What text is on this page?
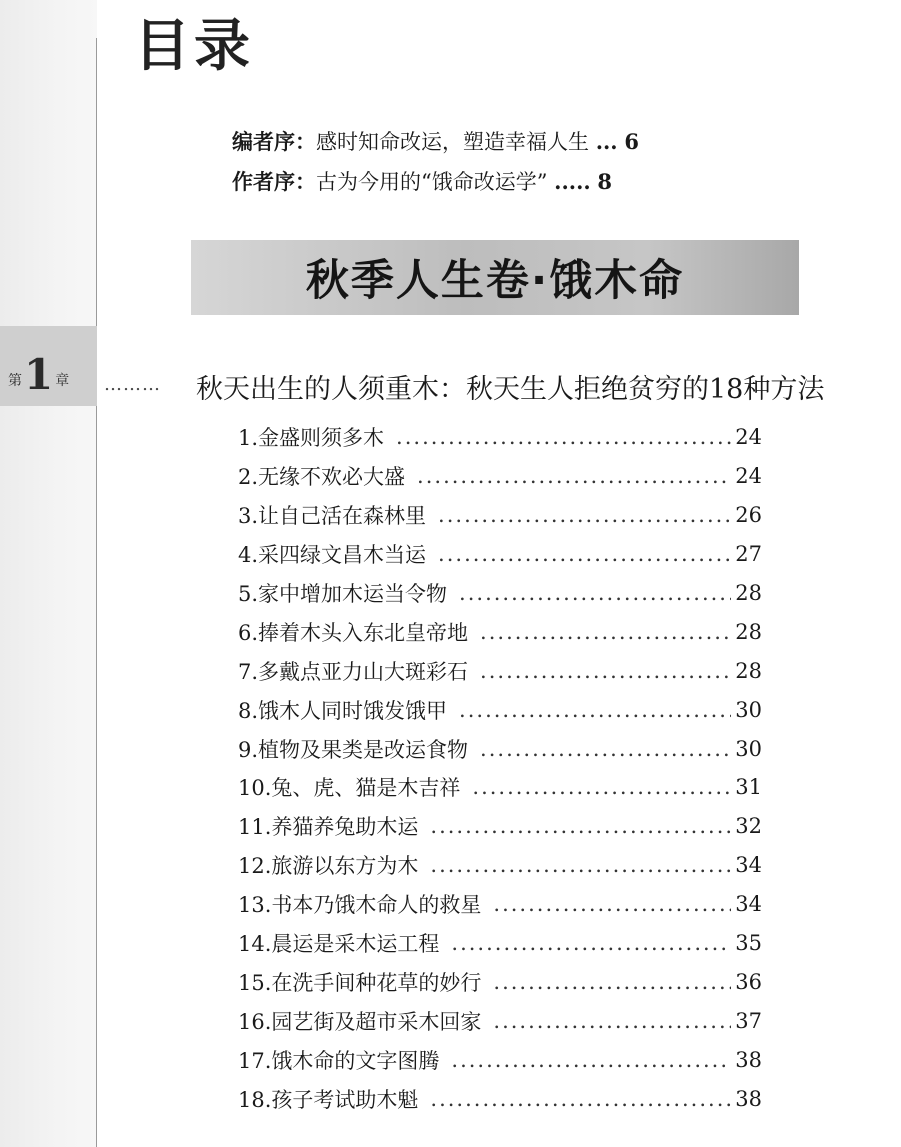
第 1 章 ………
目录
编者序：感时知命改运，塑造幸福人生 ... 6
作者序：古为今用的“饿命改运学” ..... 8
秋季人生卷·饿木命
秋天出生的人须重木：秋天生人拒绝贫穷的18种方法
1.金盛则须多木 .....	24
2.无缘不欢必大盛 .....	24
3.让自己活在森林里 .....	26
4.采四绿文昌木当运 .....	27
5.家中增加木运当令物 .....	28
6.捧着木头入东北皇帝地 .....	28
7.多戴点亚力山大斑彩石 .....	28
8.饿木人同时饿发饿甲 .....	30
9.植物及果类是改运食物 .....	30
10.兔、虎、猫是木吉祥 .....	31
11.养猫养兔助木运 .....	32
12.旅游以东方为木 .....	34
13.书本乃饿木命人的救星 .....	34
14.晨运是采木运工程 .....	35
15.在洗手间种花草的妙行 .....	36
16.园艺街及超市采木回家 .....	37
17.饿木命的文字图腾 .....	38
18.孩子考试助木魁 .....	38
